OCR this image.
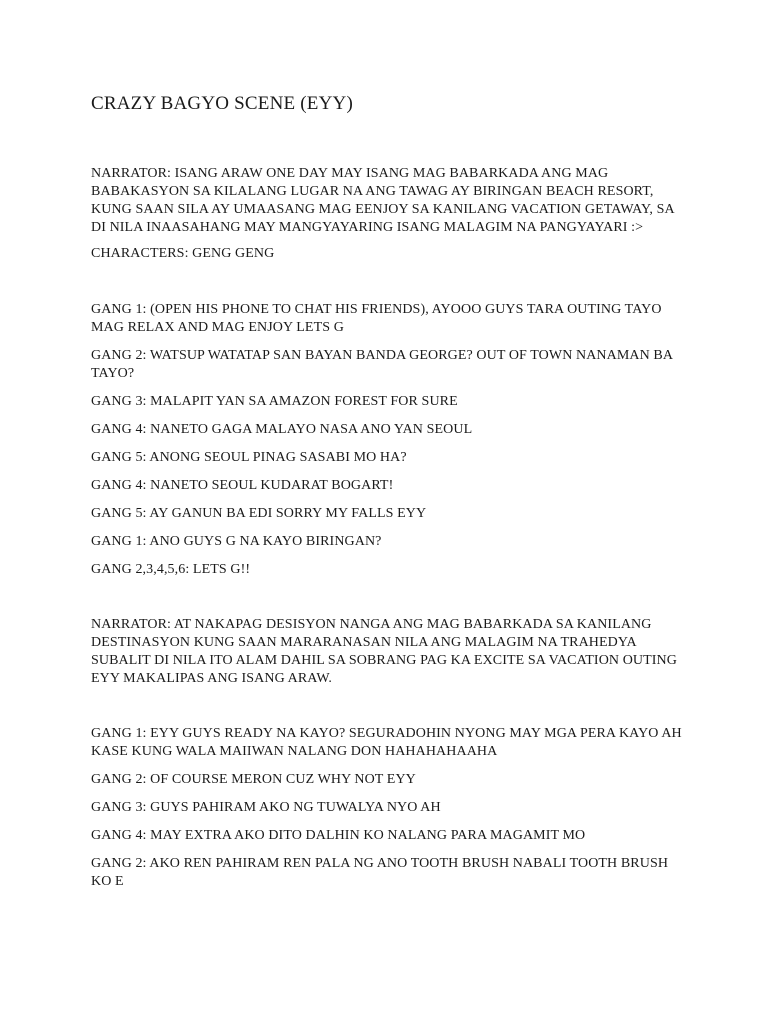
CRAZY BAGYO SCENE (EYY)
NARRATOR: ISANG ARAW ONE DAY MAY ISANG MAG BABARKADA ANG MAG
BABAKASYON SA KILALANG LUGAR NA ANG TAWAG AY BIRINGAN BEACH RESORT,
KUNG SAAN SILA AY UMAASANG MAG EENJOY SA KANILANG VACATION GETAWAY, SA
DI NILA INAASAHANG MAY MANGYAYARING ISANG MALAGIM NA PANGYAYARI :>
CHARACTERS: GENG GENG
GANG 1: (OPEN HIS PHONE TO CHAT HIS FRIENDS), AYOOO GUYS TARA OUTING TAYO
MAG RELAX AND MAG ENJOY LETS G
GANG 2: WATSUP WATATAP SAN BAYAN BANDA GEORGE? OUT OF TOWN NANAMAN BA
TAYO?
GANG 3: MALAPIT YAN SA AMAZON FOREST FOR SURE
GANG 4: NANETO GAGA MALAYO NASA ANO YAN SEOUL
GANG 5: ANONG SEOUL PINAG SASABI MO HA?
GANG 4: NANETO SEOUL KUDARAT BOGART!
GANG 5: AY GANUN BA EDI SORRY MY FALLS EYY
GANG 1: ANO GUYS G NA KAYO BIRINGAN?
GANG 2,3,4,5,6: LETS G!!
NARRATOR: AT NAKAPAG DESISYON NANGA ANG MAG BABARKADA SA KANILANG
DESTINASYON KUNG SAAN MARARANASAN NILA ANG MALAGIM NA TRAHEDYA
SUBALIT DI NILA ITO ALAM DAHIL SA SOBRANG PAG KA EXCITE SA VACATION OUTING
EYY MAKALIPAS ANG ISANG ARAW.
GANG 1: EYY GUYS READY NA KAYO? SEGURADOHIN NYONG MAY MGA PERA KAYO AH
KASE KUNG WALA MAIIWAN NALANG DON HAHAHAHAAHA
GANG 2: OF COURSE MERON CUZ WHY NOT EYY
GANG 3: GUYS PAHIRAM AKO NG TUWALYA NYO AH
GANG 4: MAY EXTRA AKO DITO DALHIN KO NALANG PARA MAGAMIT MO
GANG 2: AKO REN PAHIRAM REN PALA NG ANO TOOTH BRUSH NABALI TOOTH BRUSH
KO E
